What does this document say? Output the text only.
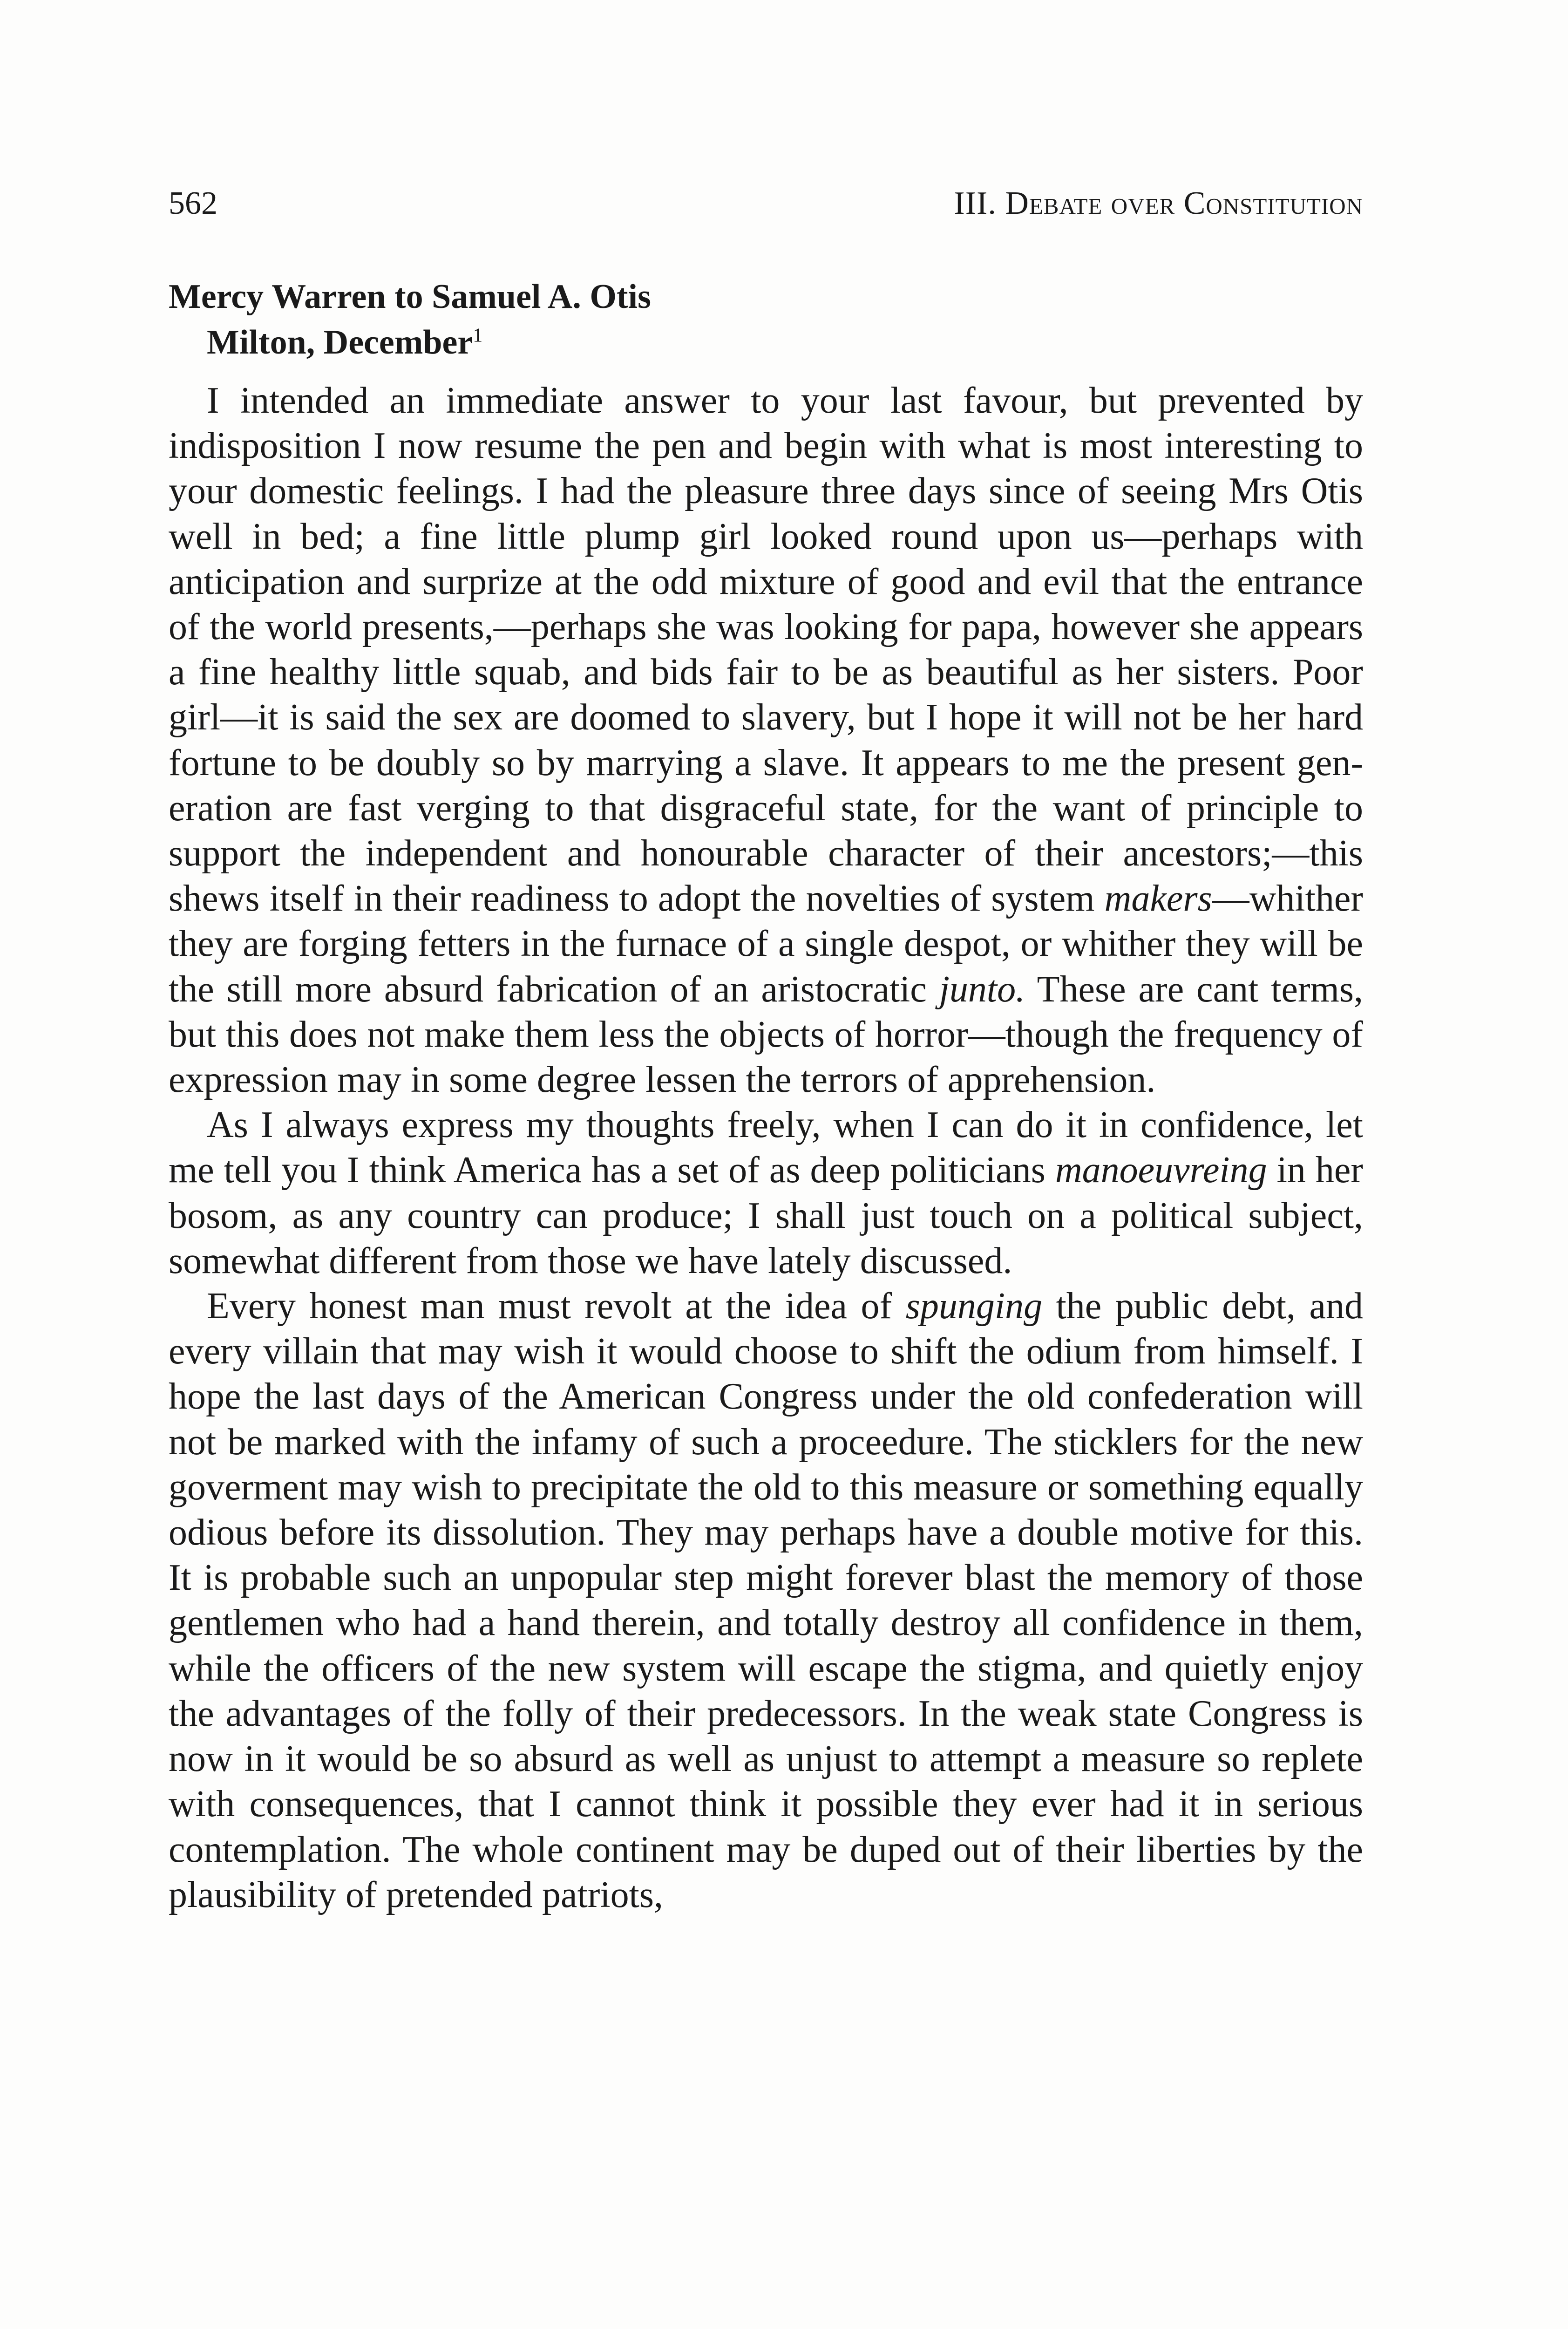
562	III. Debate over Constitution
Mercy Warren to Samuel A. Otis
Milton, December$^1$

I intended an immediate answer to your last favour, but prevented by indisposition I now resume the pen and begin with what is most interesting to your domestic feelings. I had the pleasure three days since of seeing Mrs Otis well in bed; a fine little plump girl looked round upon us—perhaps with anticipation and surprize at the odd mixture of good and evil that the entrance of the world presents,—perhaps she was looking for papa, however she appears a fine healthy little squab, and bids fair to be as beautiful as her sisters. Poor girl—it is said the sex are doomed to slavery, but I hope it will not be her hard fortune to be doubly so by marrying a slave. It appears to me the present generation are fast verging to that disgraceful state, for the want of principle to support the independent and honourable character of their ancestors;—this shews itself in their readiness to adopt the novelties of system makers—whither they are forging fetters in the furnace of a single despot, or whither they will be the still more absurd fabrication of an aristocratic junto. These are cant terms, but this does not make them less the objects of horror—though the frequency of expression may in some degree lessen the terrors of apprehension.

As I always express my thoughts freely, when I can do it in confidence, let me tell you I think America has a set of as deep politicians manoeuvreing in her bosom, as any country can produce; I shall just touch on a political subject, somewhat different from those we have lately discussed.

Every honest man must revolt at the idea of spunging the public debt, and every villain that may wish it would choose to shift the odium from himself. I hope the last days of the American Congress under the old confederation will not be marked with the infamy of such a proceedure. The sticklers for the new goverment may wish to precipitate the old to this measure or something equally odious before its dissolution. They may perhaps have a double motive for this. It is probable such an unpopular step might forever blast the memory of those gentlemen who had a hand therein, and totally destroy all confidence in them, while the officers of the new system will escape the stigma, and quietly enjoy the advantages of the folly of their predecessors. In the weak state Congress is now in it would be so absurd as well as unjust to attempt a measure so replete with consequences, that I cannot think it possible they ever had it in serious contemplation. The whole continent may be duped out of their liberties by the plausibility of pretended patriots,
